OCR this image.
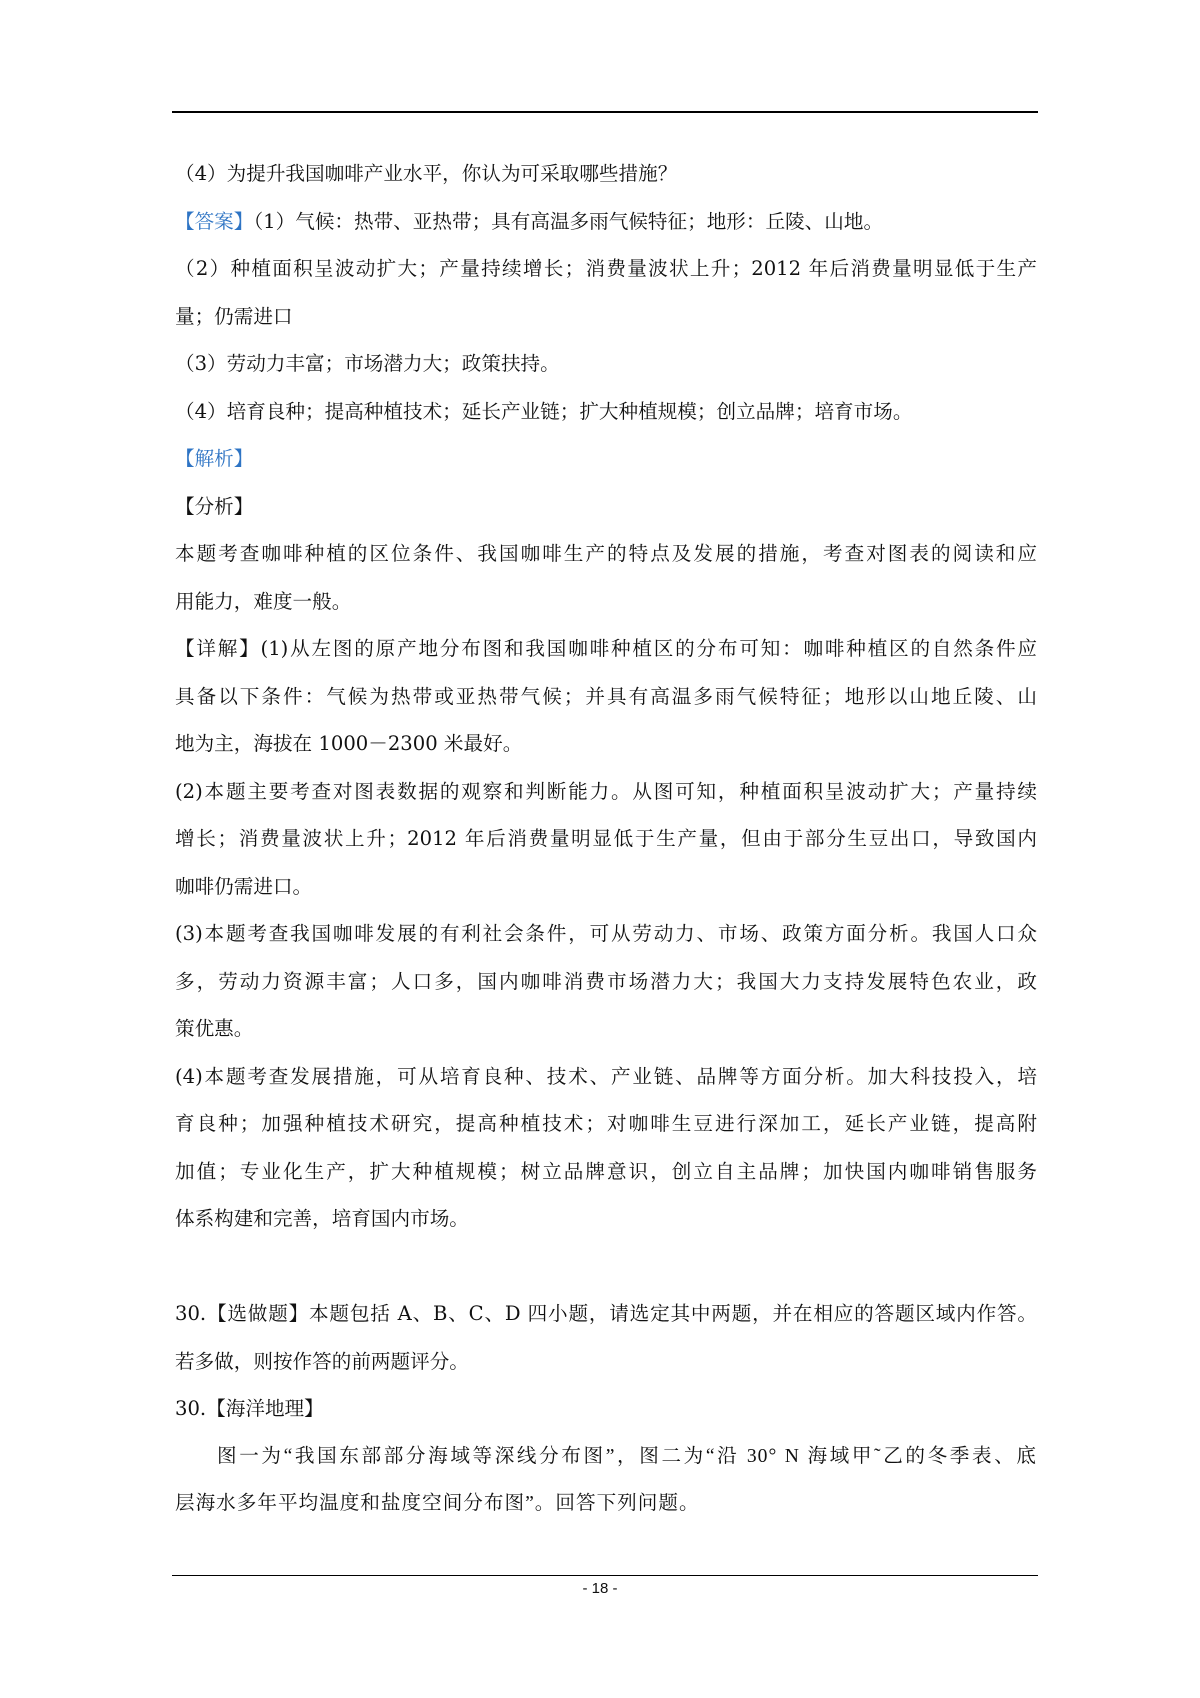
（4）为提升我国咖啡产业水平，你认为可采取哪些措施？

【答案】（1）气候：热带、亚热带；具有高温多雨气候特征；地形：丘陵、山地。

（2）种植面积呈波动扩大；产量持续增长；消费量波状上升；2012 年后消费量明显低于生产

量；仍需进口

（3）劳动力丰富；市场潜力大；政策扶持。

（4）培育良种；提高种植技术；延长产业链；扩大种植规模；创立品牌；培育市场。

【解析】

【分析】

本题考查咖啡种植的区位条件、我国咖啡生产的特点及发展的措施，考查对图表的阅读和应

用能力，难度一般。

【详解】(1)从左图的原产地分布图和我国咖啡种植区的分布可知：咖啡种植区的自然条件应

具备以下条件：气候为热带或亚热带气候；并具有高温多雨气候特征；地形以山地丘陵、山

地为主，海拔在 1000－2300 米最好。

(2)本题主要考查对图表数据的观察和判断能力。从图可知，种植面积呈波动扩大；产量持续

增长；消费量波状上升；2012 年后消费量明显低于生产量，但由于部分生豆出口，导致国内

咖啡仍需进口。

(3)本题考查我国咖啡发展的有利社会条件，可从劳动力、市场、政策方面分析。我国人口众

多，劳动力资源丰富；人口多，国内咖啡消费市场潜力大；我国大力支持发展特色农业，政

策优惠。

(4)本题考查发展措施，可从培育良种、技术、产业链、品牌等方面分析。加大科技投入，培

育良种；加强种植技术研究，提高种植技术；对咖啡生豆进行深加工，延长产业链，提高附

加值；专业化生产，扩大种植规模；树立品牌意识，创立自主品牌；加快国内咖啡销售服务

体系构建和完善，培育国内市场。

30.【选做题】本题包括 A、B、C、D 四小题，请选定其中两题，并在相应的答题区域内作答。

若多做，则按作答的前两题评分。

30.【海洋地理】

图一为“我国东部部分海域等深线分布图”，图二为“沿 30° N 海域甲˜乙的冬季表、底

层海水多年平均温度和盐度空间分布图”。回答下列问题。

- 18 -
